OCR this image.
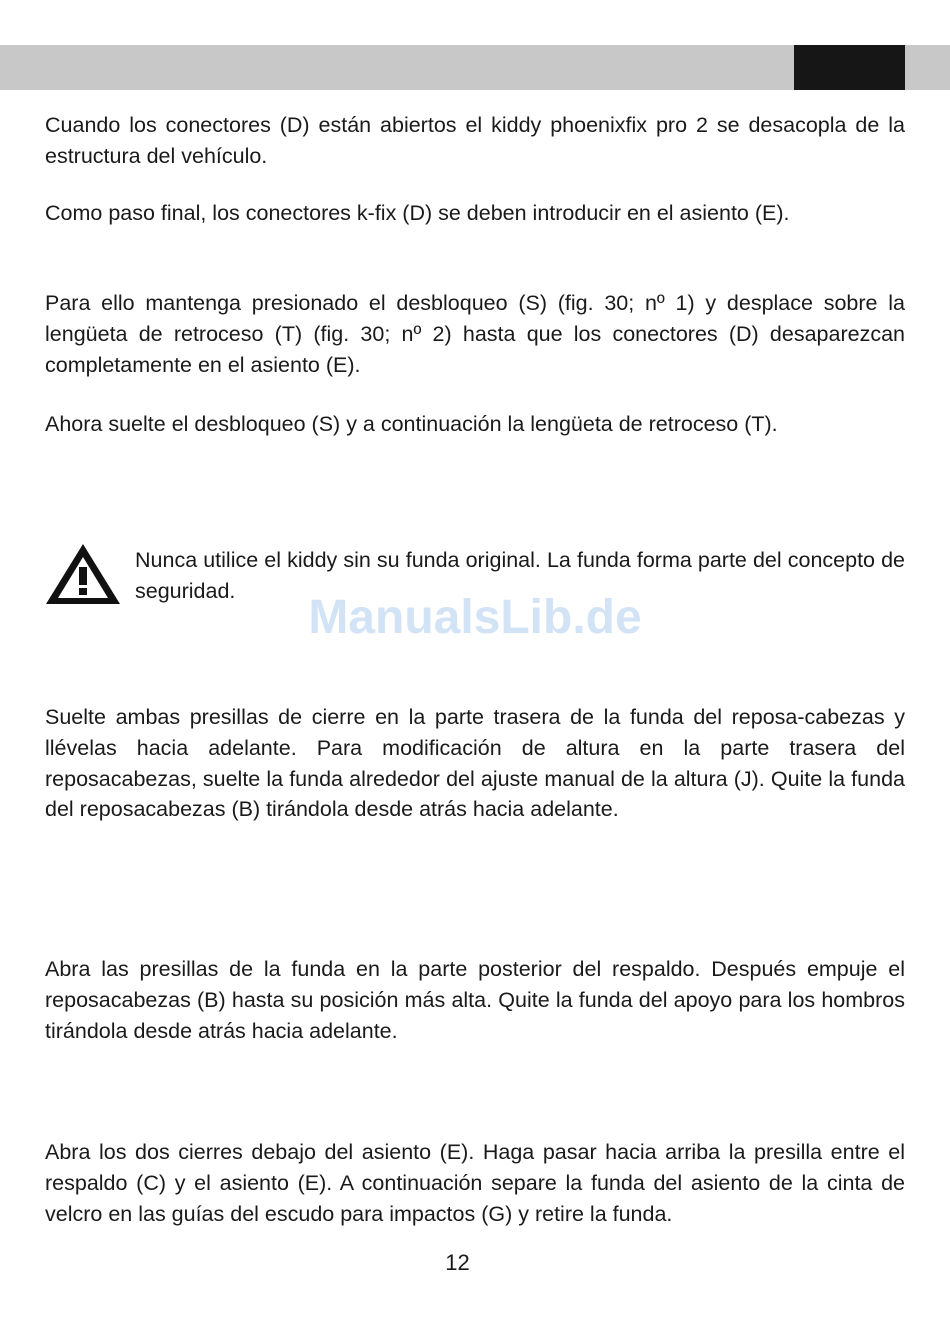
Cuando los conectores (D) están abiertos el kiddy phoenixfix pro 2 se desacopla de la estructura del vehículo.

Como paso final, los conectores k-fix (D) se deben introducir en el asiento (E).

Para ello mantenga presionado el desbloqueo (S) (fig. 30; nº 1) y desplace sobre la lengüeta de retroceso (T) (fig. 30; nº 2) hasta que los conectores (D) desaparezcan completamente en el asiento (E).

Ahora suelte el desbloqueo (S) y a continuación la lengüeta de retroceso (T).

Nunca utilice el kiddy sin su funda original. La funda forma parte del concepto de seguridad.

ManualsLib.de

Suelte ambas presillas de cierre en la parte trasera de la funda del reposa-cabezas y llévelas hacia adelante. Para modificación de altura en la parte trasera del reposacabezas, suelte la funda alrededor del ajuste manual de la altura (J). Quite la funda del reposacabezas (B) tirándola desde atrás hacia adelante.

Abra las presillas de la funda en la parte posterior del respaldo. Después empuje el reposacabezas (B) hasta su posición más alta. Quite la funda del apoyo para los hombros tirándola desde atrás hacia adelante.

Abra los dos cierres debajo del asiento (E). Haga pasar hacia arriba la presilla entre el respaldo (C) y el asiento (E). A continuación separe la funda del asiento de la cinta de velcro en las guías del escudo para impactos (G) y retire la funda.

12
